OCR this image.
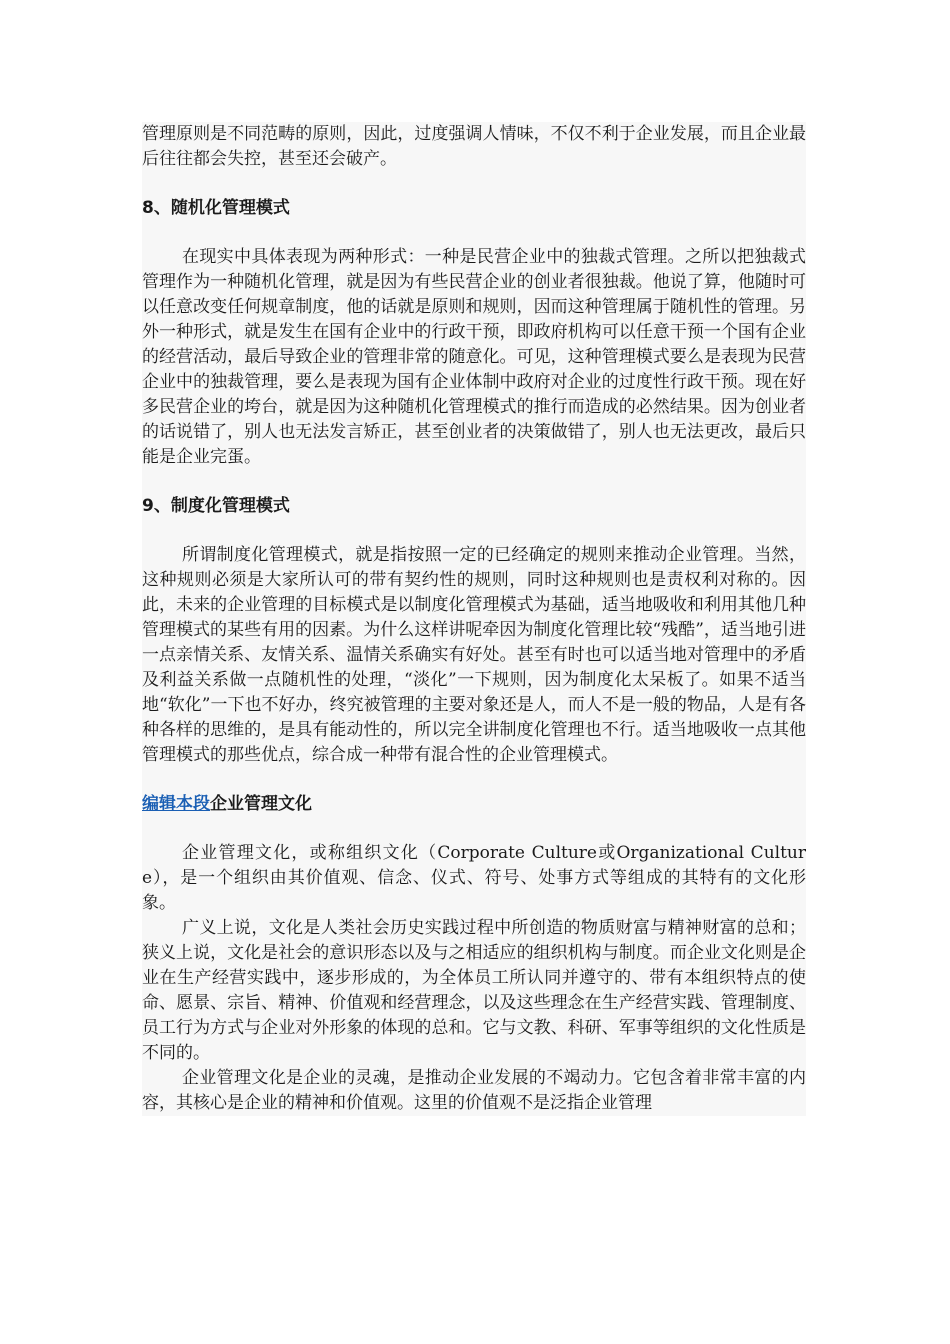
管理原则是不同范畴的原则，因此，过度强调人情味，不仅不利于企业发展，而且企业最后往往都会失控，甚至还会破产。

8、随机化管理模式

在现实中具体表现为两种形式：一种是民营企业中的独裁式管理。之所以把独裁式管理作为一种随机化管理，就是因为有些民营企业的创业者很独裁。他说了算，他随时可以任意改变任何规章制度，他的话就是原则和规则，因而这种管理属于随机性的管理。另外一种形式，就是发生在国有企业中的行政干预，即政府机构可以任意干预一个国有企业的经营活动，最后导致企业的管理非常的随意化。可见，这种管理模式要么是表现为民营企业中的独裁管理，要么是表现为国有企业体制中政府对企业的过度性行政干预。现在好多民营企业的垮台，就是因为这种随机化管理模式的推行而造成的必然结果。因为创业者的话说错了，别人也无法发言矫正，甚至创业者的决策做错了，别人也无法更改，最后只能是企业完蛋。

9、制度化管理模式

所谓制度化管理模式，就是指按照一定的已经确定的规则来推动企业管理。当然，这种规则必须是大家所认可的带有契约性的规则，同时这种规则也是责权利对称的。因此，未来的企业管理的目标模式是以制度化管理模式为基础，适当地吸收和利用其他几种管理模式的某些有用的因素。为什么这样讲呢牵因为制度化管理比较“残酷”，适当地引进一点亲情关系、友情关系、温情关系确实有好处。甚至有时也可以适当地对管理中的矛盾及利益关系做一点随机性的处理，“淡化”一下规则，因为制度化太呆板了。如果不适当地“软化”一下也不好办，终究被管理的主要对象还是人，而人不是一般的物品，人是有各种各样的思维的，是具有能动性的，所以完全讲制度化管理也不行。适当地吸收一点其他管理模式的那些优点，综合成一种带有混合性的企业管理模式。

编辑本段企业管理文化

企业管理文化，或称组织文化（Corporate Culture或Organizational Culture），是一个组织由其价值观、信念、仪式、符号、处事方式等组成的其特有的文化形象。

广义上说，文化是人类社会历史实践过程中所创造的物质财富与精神财富的总和；狭义上说，文化是社会的意识形态以及与之相适应的组织机构与制度。而企业文化则是企业在生产经营实践中，逐步形成的，为全体员工所认同并遵守的、带有本组织特点的使命、愿景、宗旨、精神、价值观和经营理念，以及这些理念在生产经营实践、管理制度、员工行为方式与企业对外形象的体现的总和。它与文教、科研、军事等组织的文化性质是不同的。

企业管理文化是企业的灵魂，是推动企业发展的不竭动力。它包含着非常丰富的内容，其核心是企业的精神和价值观。这里的价值观不是泛指企业管理
